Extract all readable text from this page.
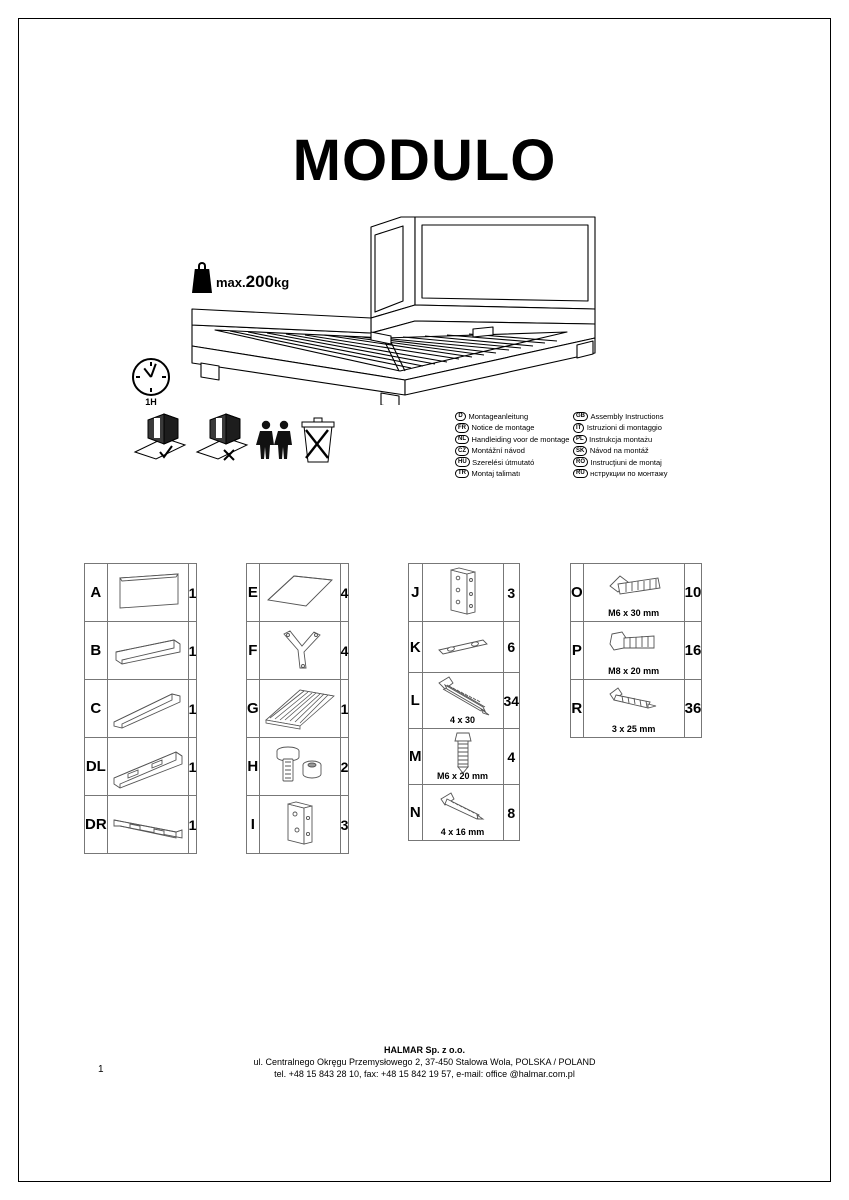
MODULO
max.200kg
1H
D Montageanleitung
FR Notice de montage
NL Handleiding voor de montage
CZ Montážní návod
HU Szerelési útmutató
TR Montaj talimatı
GB Assembly Instructions
IT Istruzioni di montaggio
PL Instrukcja montażu
SK Návod na montáž
RO Instrucţiuni de montaj
RU нструкции по монтажу
A		1
B		1
C		1
DL		1
DR		1
E		4
F		4
G		1
H		2
I		3
J		3
K		6
L	4 x 30	34
M	M6 x 20 mm	4
N	4 x 16 mm	8
O	M6 x 30 mm	10
P	M8 x 20 mm	16
R	3 x 25 mm	36
1
HALMAR Sp. z o.o.
ul. Centralnego Okręgu Przemysłowego 2, 37-450 Stalowa Wola, POLSKA / POLAND
tel. +48 15 843 28 10, fax: +48 15 842 19 57, e-mail: office @halmar.com.pl
